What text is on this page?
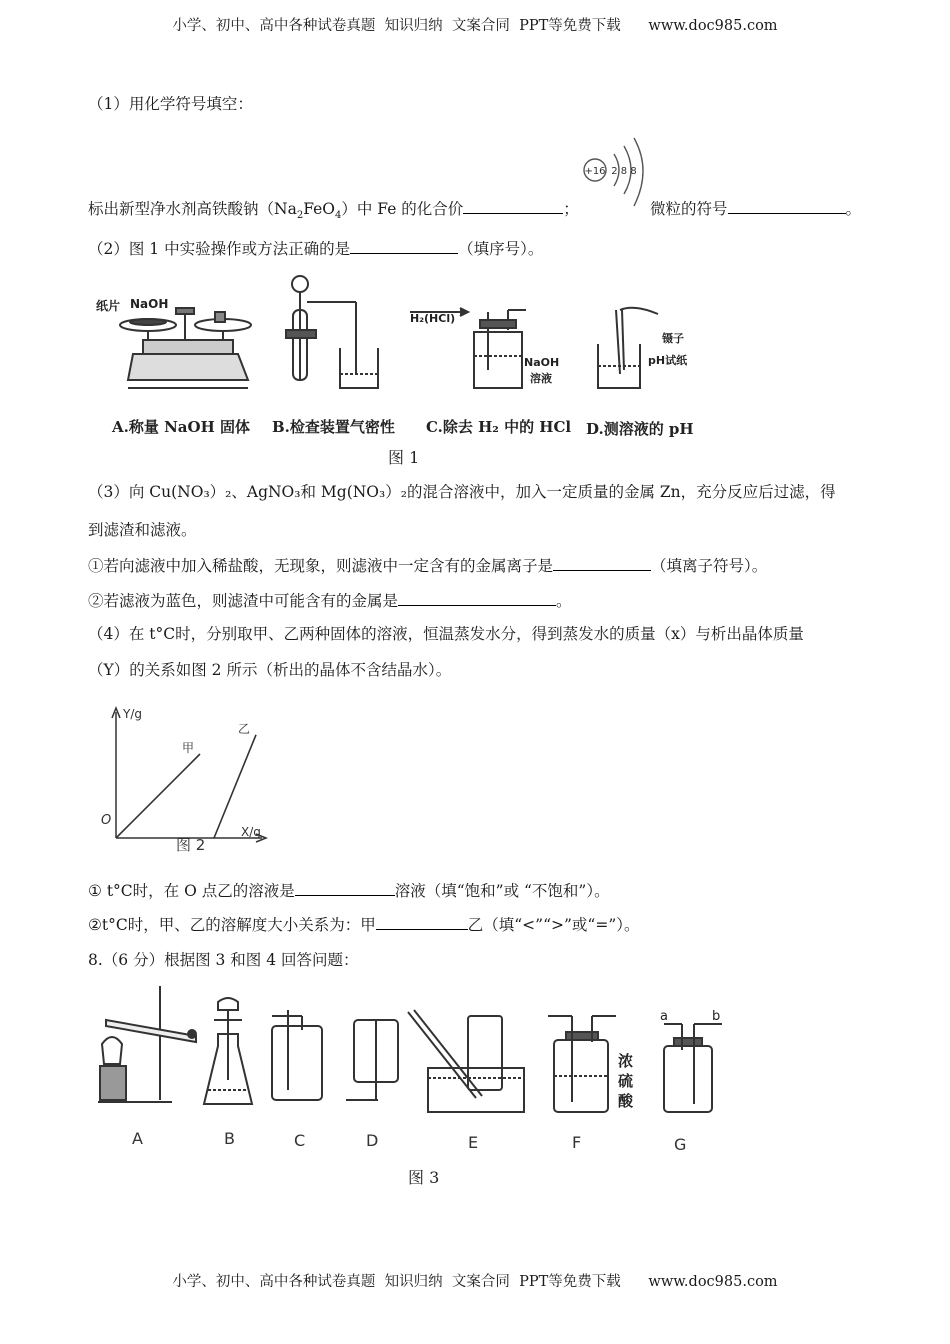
小学、初中、高中各种试卷真题  知识归纳  文案合同  PPT等免费下载      www.doc985.com
（1）用化学符号填空：
+16 2 8 8
标出新型净水剂高铁酸钠$(Na_2FeO_4)$中 Fe 的化合价	；	微粒的符号	。
（2）图 1 中实验操作或方法正确的是	（填序号）。
纸片 NaOH
H₂(HCl)
NaOH
溶液
镊子
pH试纸
A.称量 NaOH 固体 B.检查装置气密性 C.除去 H₂ 中的 HCl D.测溶液的 pH
图 1
（3）向 Cu(NO₃）₂、AgNO₃和 Mg(NO₃）₂的混合溶液中，加入一定质量的金属 Zn，充分反应后过滤，得
到滤渣和滤液。
①若向滤液中加入稀盐酸，无现象，则滤液中一定含有的金属离子是	（填离子符号）。
②若滤液为蓝色，则滤渣中可能含有的金属是	。
（4）在 t°C时，分别取甲、乙两种固体的溶液，恒温蒸发水分，得到蒸发水的质量（x）与析出晶体质量
（Y）的关系如图 2 所示（析出的晶体不含结晶水）。
Y/g
X/g
O
图 2
甲
乙
① t°C时，在 O 点乙的溶液是	溶液（填“饱和”或 “不饱和”）。
②t°C时，甲、乙的溶解度大小关系为：甲	乙（填“<”“>”或“=”）。
8.（6 分）根据图 3 和图 4 回答问题：
浓
硫
酸
a	b
A	B	C	D	E	F	G
图 3
小学、初中、高中各种试卷真题  知识归纳  文案合同  PPT等免费下载      www.doc985.com
